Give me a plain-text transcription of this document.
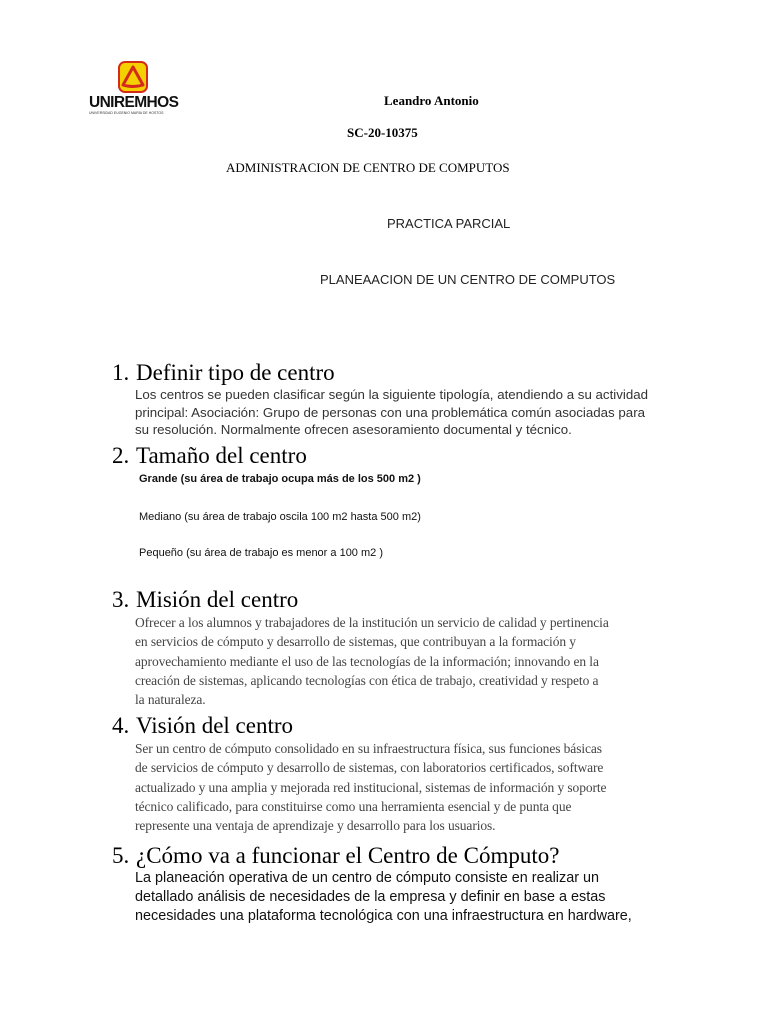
UNIREMHOS
UNIVERSIDAD EUGENIO MARÍA DE HOSTOS
Leandro Antonio
SC-20-10375
ADMINISTRACION DE CENTRO DE COMPUTOS
PRACTICA PARCIAL
PLANEAACION DE UN CENTRO DE COMPUTOS
1. Definir tipo de centro
Los centros se pueden clasificar según la siguiente tipología, atendiendo a su actividad
principal: Asociación: Grupo de personas con una problemática común asociadas para
su resolución. Normalmente ofrecen asesoramiento documental y técnico.
2. Tamaño del centro
Grande (su área de trabajo ocupa más de los 500 m2 )
Mediano (su área de trabajo oscila 100 m2 hasta 500 m2)
Pequeño (su área de trabajo es menor a 100 m2 )
3. Misión del centro
Ofrecer a los alumnos y trabajadores de la institución un servicio de calidad y pertinencia
en servicios de cómputo y desarrollo de sistemas, que contribuyan a la formación y
aprovechamiento mediante el uso de las tecnologías de la información; innovando en la
creación de sistemas, aplicando tecnologías con ética de trabajo, creatividad y respeto a
la naturaleza.
4. Visión del centro
Ser un centro de cómputo consolidado en su infraestructura física, sus funciones básicas
de servicios de cómputo y desarrollo de sistemas, con laboratorios certificados, software
actualizado y una amplia y mejorada red institucional, sistemas de información y soporte
técnico calificado, para constituirse como una herramienta esencial y de punta que
represente una ventaja de aprendizaje y desarrollo para los usuarios.
5. ¿Cómo va a funcionar el Centro de Cómputo?
La planeación operativa de un centro de cómputo consiste en realizar un
detallado análisis de necesidades de la empresa y definir en base a estas
necesidades una plataforma tecnológica con una infraestructura en hardware,
